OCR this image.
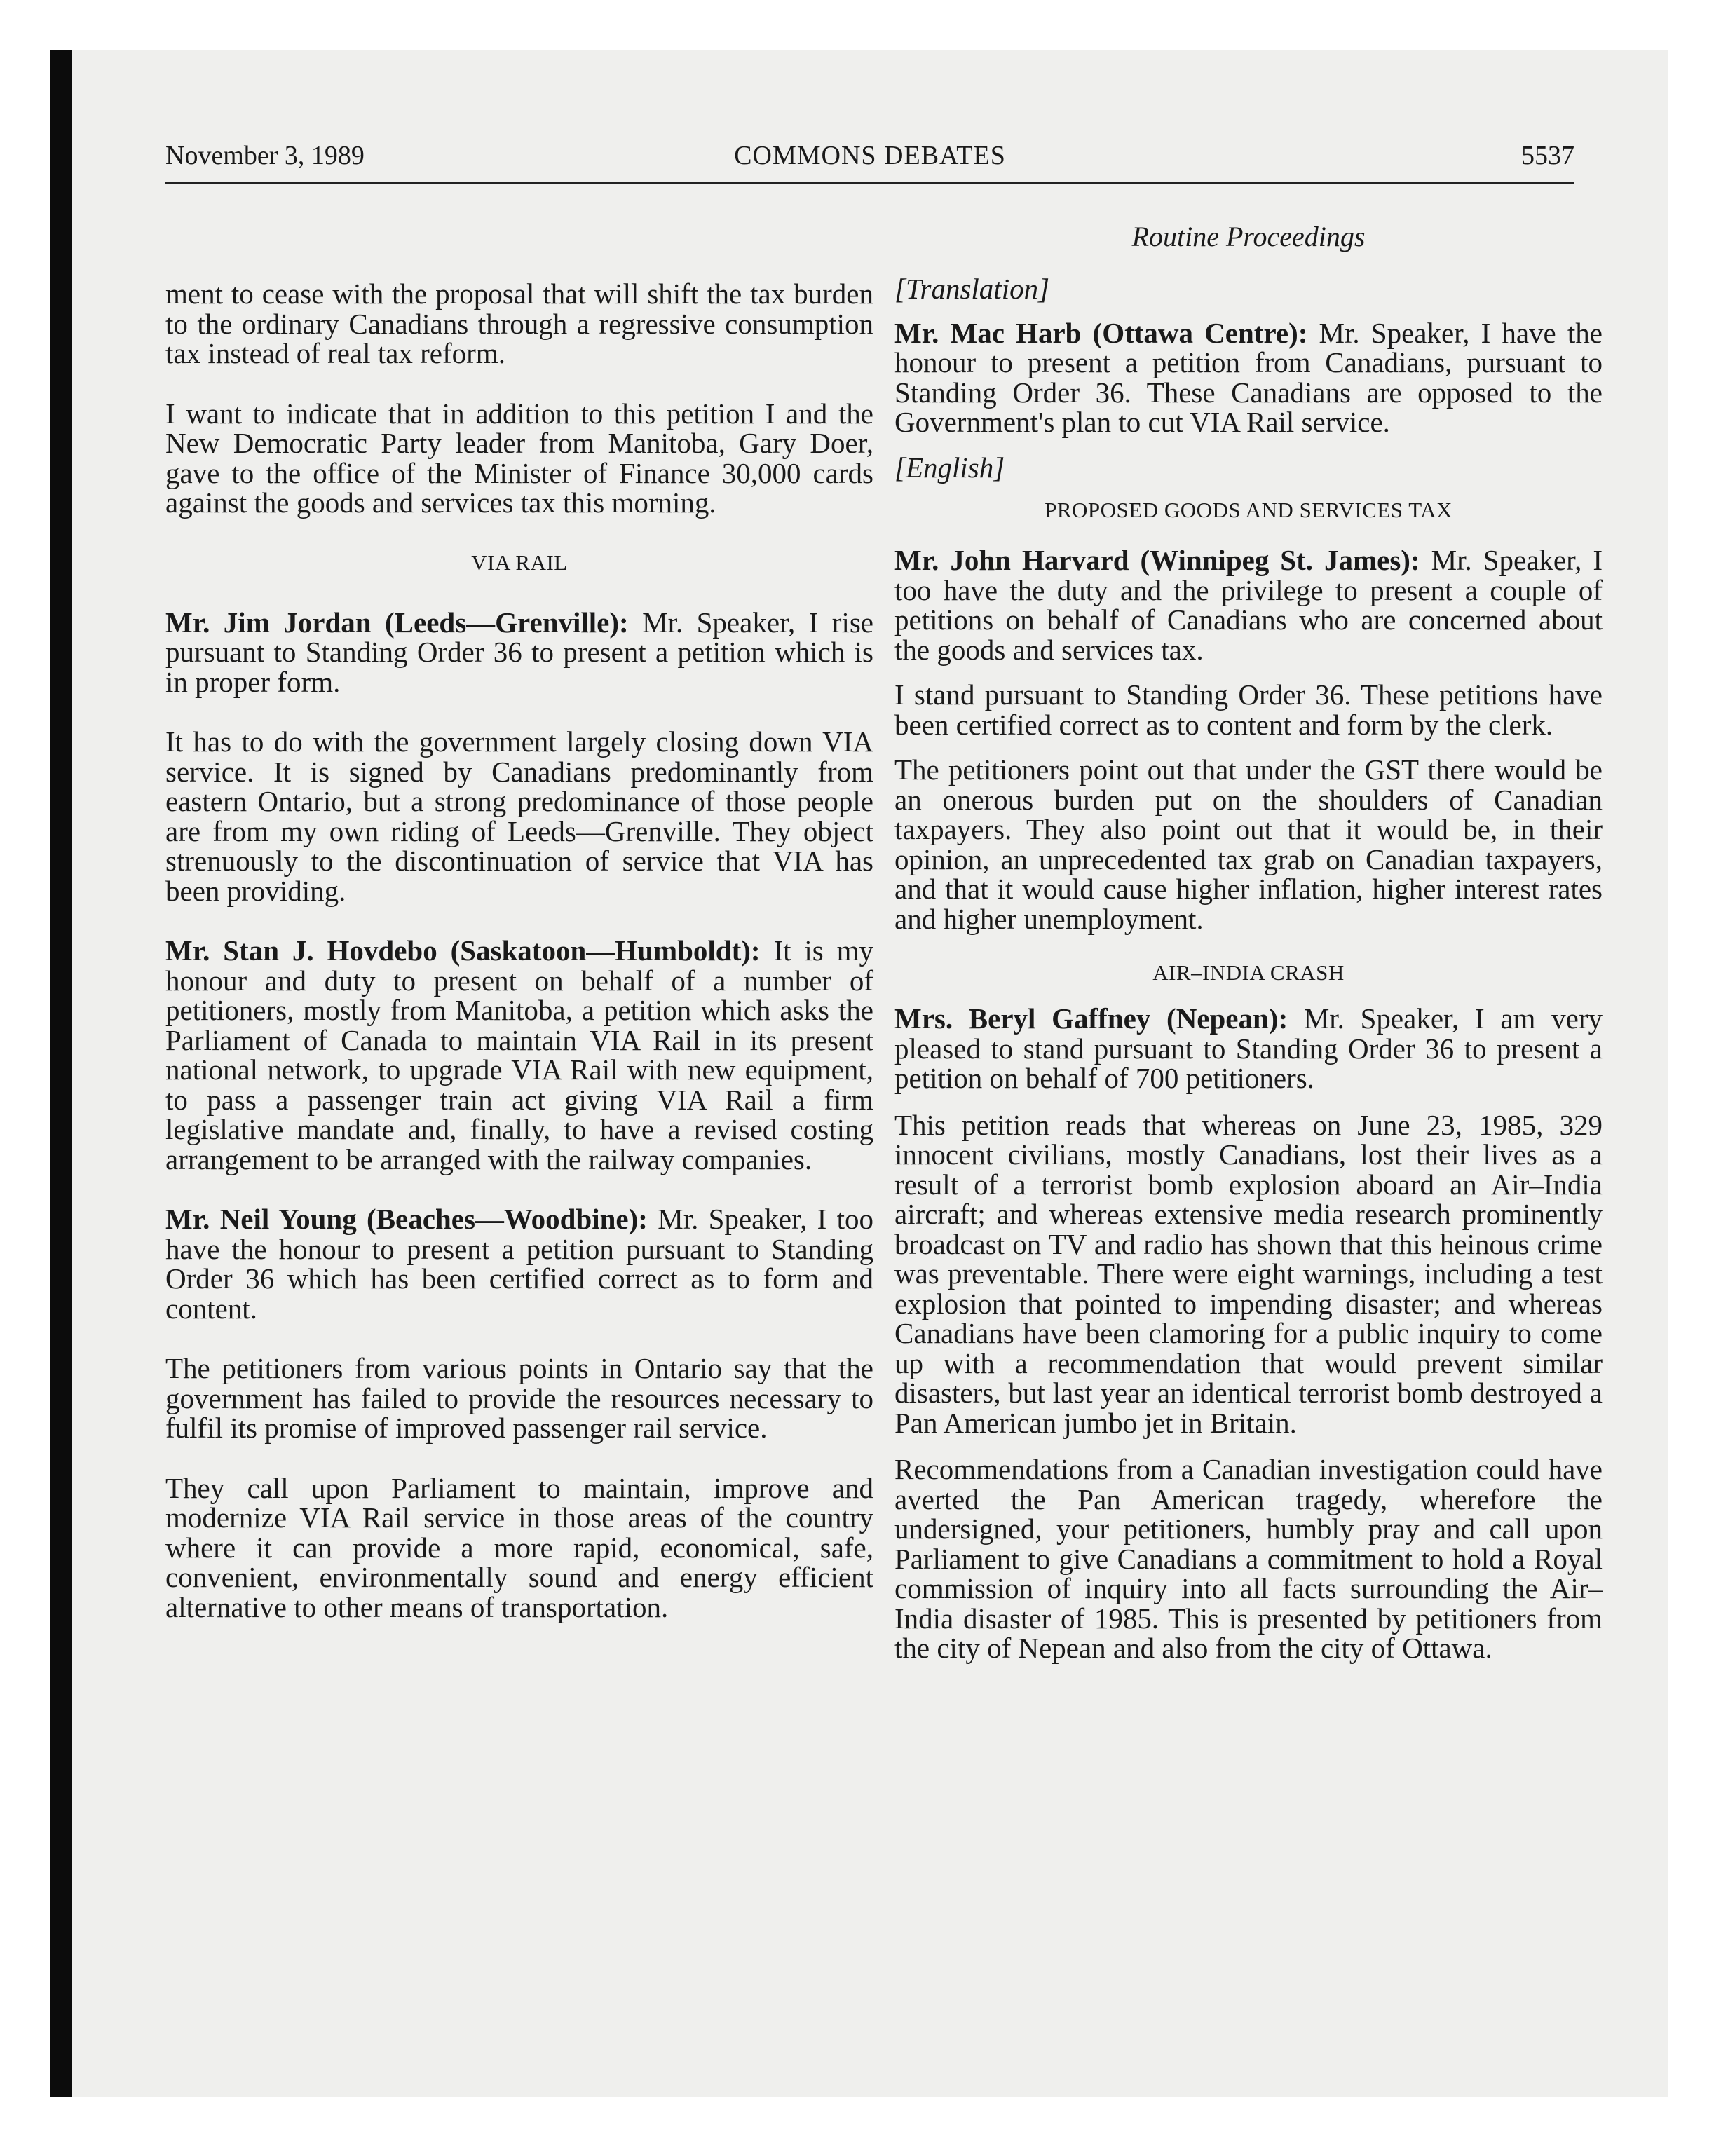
November 3, 1989	COMMONS DEBATES	5537

ment to cease with the proposal that will shift the tax burden to the ordinary Canadians through a regressive consumption tax instead of real tax reform.

I want to indicate that in addition to this petition I and the New Democratic Party leader from Manitoba, Gary Doer, gave to the office of the Minister of Finance 30,000 cards against the goods and services tax this morning.

VIA RAIL

Mr. Jim Jordan (Leeds—Grenville): Mr. Speaker, I rise pursuant to Standing Order 36 to present a petition which is in proper form.

It has to do with the government largely closing down VIA service. It is signed by Canadians predominantly from eastern Ontario, but a strong predominance of those people are from my own riding of Leeds—Grenville. They object strenuously to the discontinuation of service that VIA has been providing.

Mr. Stan J. Hovdebo (Saskatoon—Humboldt): It is my honour and duty to present on behalf of a number of petitioners, mostly from Manitoba, a petition which asks the Parliament of Canada to maintain VIA Rail in its present national network, to upgrade VIA Rail with new equipment, to pass a passenger train act giving VIA Rail a firm legislative mandate and, finally, to have a revised costing arrangement to be arranged with the railway companies.

Mr. Neil Young (Beaches—Woodbine): Mr. Speaker, I too have the honour to present a petition pursuant to Standing Order 36 which has been certified correct as to form and content.

The petitioners from various points in Ontario say that the government has failed to provide the resources necessary to fulfil its promise of improved passenger rail service.

They call upon Parliament to maintain, improve and modernize VIA Rail service in those areas of the country where it can provide a more rapid, economical, safe, convenient, environmentally sound and energy efficient alternative to other means of transportation.

Routine Proceedings

[Translation]

Mr. Mac Harb (Ottawa Centre): Mr. Speaker, I have the honour to present a petition from Canadians, pursuant to Standing Order 36. These Canadians are opposed to the Government's plan to cut VIA Rail service.

[English]

PROPOSED GOODS AND SERVICES TAX

Mr. John Harvard (Winnipeg St. James): Mr. Speaker, I too have the duty and the privilege to present a couple of petitions on behalf of Canadians who are concerned about the goods and services tax.

I stand pursuant to Standing Order 36. These petitions have been certified correct as to content and form by the clerk.

The petitioners point out that under the GST there would be an onerous burden put on the shoulders of Canadian taxpayers. They also point out that it would be, in their opinion, an unprecedented tax grab on Canadian taxpayers, and that it would cause higher inflation, higher interest rates and higher unemployment.

AIR–INDIA CRASH

Mrs. Beryl Gaffney (Nepean): Mr. Speaker, I am very pleased to stand pursuant to Standing Order 36 to present a petition on behalf of 700 petitioners.

This petition reads that whereas on June 23, 1985, 329 innocent civilians, mostly Canadians, lost their lives as a result of a terrorist bomb explosion aboard an Air–India aircraft; and whereas extensive media research prominently broadcast on TV and radio has shown that this heinous crime was preventable. There were eight warnings, including a test explosion that pointed to impending disaster; and whereas Canadians have been clamoring for a public inquiry to come up with a recommendation that would prevent similar disasters, but last year an identical terrorist bomb destroyed a Pan American jumbo jet in Britain.

Recommendations from a Canadian investigation could have averted the Pan American tragedy, wherefore the undersigned, your petitioners, humbly pray and call upon Parliament to give Canadians a commitment to hold a Royal commission of inquiry into all facts surrounding the Air–India disaster of 1985. This is presented by petitioners from the city of Nepean and also from the city of Ottawa.
